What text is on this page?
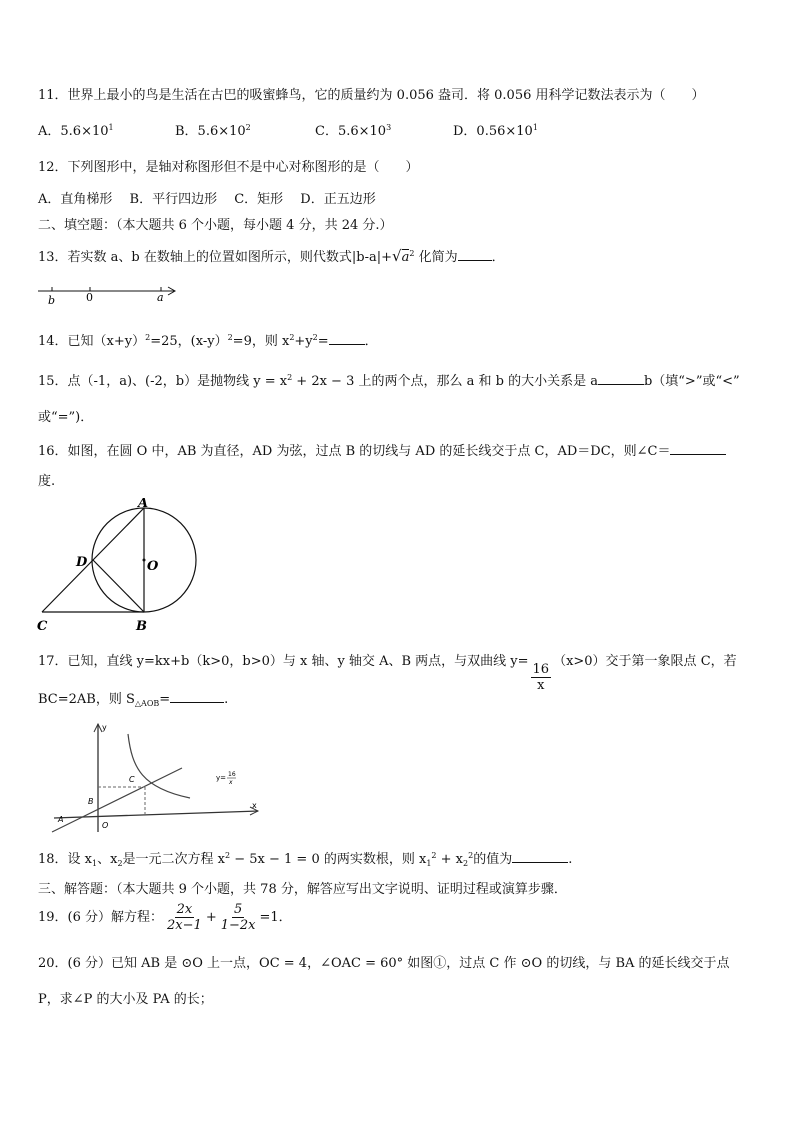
11．世界上最小的鸟是生活在古巴的吸蜜蜂鸟，它的质量约为 0.056 盎司．将 0.056 用科学记数法表示为（　　）
A．$5.6\times 10^1$	B．$5.6\times 10^2$	C．$5.6\times 10^3$	D．$0.56\times 10^1$
12．下列图形中，是轴对称图形但不是中心对称图形的是（　　）
A．直角梯形　 B．平行四边形　 C．矩形　 D．正五边形
二、填空题：（本大题共 6 个小题，每小题 4 分，共 24 分.）
13．若实数 a、b 在数轴上的位置如图所示，则代数式$|b-a|+√a^2$ 化简为	．
b	0	a
14．已知$(x+y)^2=25$，(x-y）$^2$=9，则 $x^2+y^2=$	．
15．点（-1，a)、(-2，b）是抛物线 $y = x^2 + 2x - 3$ 上的两个点，那么 a 和 b 的大小关系是 a	b（填“>”或“<”
或“=”)．
16．如图，在圆 O 中，AB 为直径，AD 为弦，过点 B 的切线与 AD 的延长线交于点 C，AD＝DC，则∠C＝
度.
A
D	O
C	B
17．已知，直线 y=kx+b（k>0，b>0）与 x 轴、y 轴交 A、B 两点，与双曲线 y=
$\frac{16}{x}$
（x>0）交于第一象限点 C，若
BC=2AB，则 $S_{\triangle AOB}=$	.
y
x
C
B
A
O
y= 16
x
18．设 $x_1$、$x_2$是一元二次方程 $x^2 - 5x - 1 = 0$ 的两实数根，则 $x_1^2 + x_2^2$的值为	.
三、解答题：（本大题共 9 个小题，共 78 分，解答应写出文字说明、证明过程或演算步骤．
19．(6 分）解方程： $\frac{2x}{2x-1} + \frac{5}{1-2x} =1$．
20．(6 分）已知 AB 是 ⊙O 上一点，OC = 4，∠OAC = 60° 如图①，过点 C 作 ⊙O 的切线，与 BA 的延长线交于点
P，求∠P 的大小及 PA 的长；
